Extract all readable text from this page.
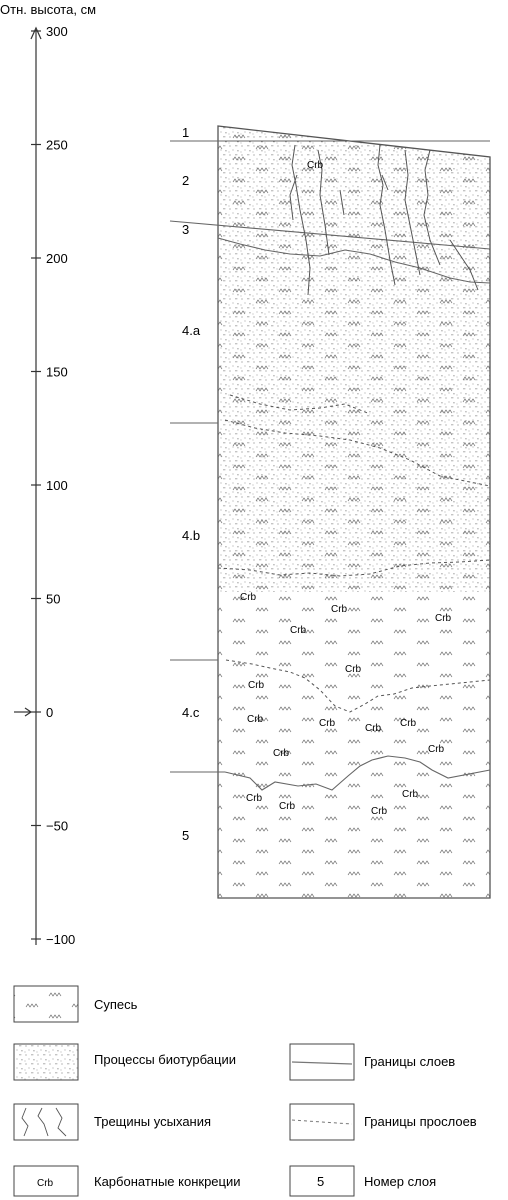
Отн. высота, см
300
250
200
150
100
50
0
−50
−100
Crb
Crb
Crb
Crb
Crb
Crb
Crb
Crb	Crb	Crb Crb
Crb	Crb
Crb
Crb	Crb
Crb
1
2
3
4.a
4.b
4.c
5
Супесь
Процессы биотурбации
Трещины усыхания
Crb	Карбонатные конкреции
Границы слоев
Границы прослоев
5	Номер слоя
